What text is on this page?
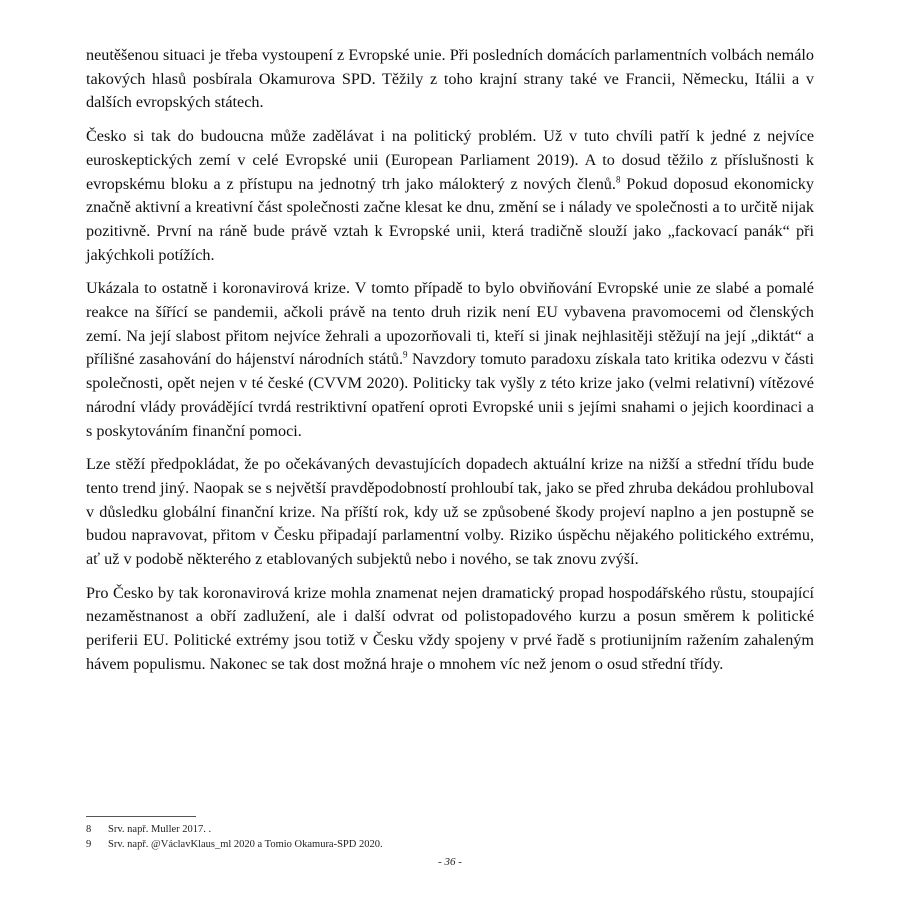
neutěšenou situaci je třeba vystoupení z Evropské unie. Při posledních domácích parlamentních volbách nemálo takových hlasů posbírala Okamurova SPD. Těžily z toho krajní strany také ve Francii, Německu, Itálii a v dalších evropských státech.

Česko si tak do budoucna může zadělávat i na politický problém. Už v tuto chvíli patří k jedné z nejvíce euroskeptických zemí v celé Evropské unii (European Parliament 2019). A to dosud těžilo z příslušnosti k evropskému bloku a z přístupu na jednotný trh jako málokterý z nových členů.$^8$ Pokud doposud ekonomicky značně aktivní a kreativní část společnosti začne klesat ke dnu, změní se i nálady ve společnosti a to určitě nijak pozitivně. První na ráně bude právě vztah k Evropské unii, která tradičně slouží jako „fackovací panák“ při jakýchkoli potížích.

Ukázala to ostatně i koronavirová krize. V tomto případě to bylo obviňování Evropské unie ze slabé a pomalé reakce na šířící se pandemii, ačkoli právě na tento druh rizik není EU vybavena pravomocemi od členských zemí. Na její slabost přitom nejvíce žehrali a upozorňovali ti, kteří si jinak nejhlasitěji stěžují na její „diktát“ a přílišné zasahování do hájenství národních států.$^9$ Navzdory tomuto paradoxu získala tato kritika odezvu v části společnosti, opět nejen v té české (CVVM 2020). Politicky tak vyšly z této krize jako (velmi relativní) vítězové národní vlády provádějící tvrdá restriktivní opatření oproti Evropské unii s jejími snahami o jejich koordinaci a s poskytováním finanční pomoci.

Lze stěží předpokládat, že po očekávaných devastujících dopadech aktuální krize na nižší a střední třídu bude tento trend jiný. Naopak se s největší pravděpodobností prohloubí tak, jako se před zhruba dekádou prohluboval v důsledku globální finanční krize. Na příští rok, kdy už se způsobené škody projeví naplno a jen postupně se budou napravovat, přitom v Česku připadají parlamentní volby. Riziko úspěchu nějakého politického extrému, ať už v podobě některého z etablovaných subjektů nebo i nového, se tak znovu zvýší.

Pro Česko by tak koronavirová krize mohla znamenat nejen dramatický propad hospodářského růstu, stoupající nezaměstnanost a obří zadlužení, ale i další odvrat od polistopadového kurzu a posun směrem k politické periferii EU. Politické extrémy jsou totiž v Česku vždy spojeny v prvé řadě s protiunijním ražením zahaleným hávem populismu. Nakonec se tak dost možná hraje o mnohem víc než jenom o osud střední třídy.

8	Srv. např. Muller 2017. .
9	Srv. např. @VáclavKlaus_ml 2020 a Tomio Okamura-SPD 2020.
- 36 -
